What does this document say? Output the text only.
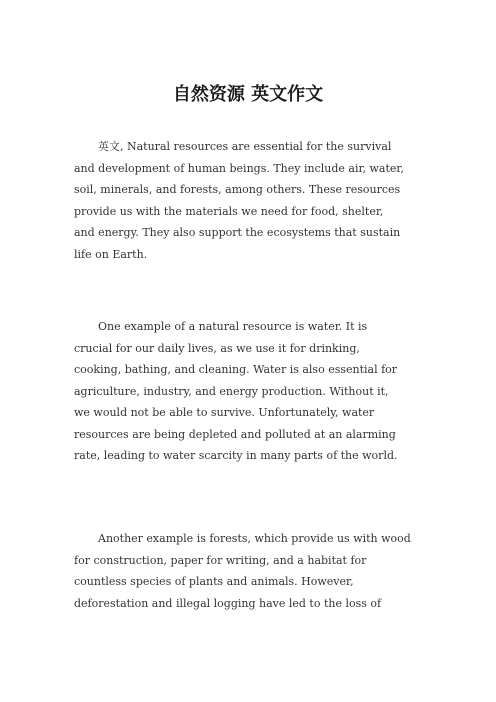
自然资源 英文作文

英文, Natural resources are essential for the survival
and development of human beings. They include air, water,
soil, minerals, and forests, among others. These resources
provide us with the materials we need for food, shelter,
and energy. They also support the ecosystems that sustain
life on Earth.

One example of a natural resource is water. It is
crucial for our daily lives, as we use it for drinking,
cooking, bathing, and cleaning. Water is also essential for
agriculture, industry, and energy production. Without it,
we would not be able to survive. Unfortunately, water
resources are being depleted and polluted at an alarming
rate, leading to water scarcity in many parts of the world.

Another example is forests, which provide us with wood
for construction, paper for writing, and a habitat for
countless species of plants and animals. However,
deforestation and illegal logging have led to the loss of
